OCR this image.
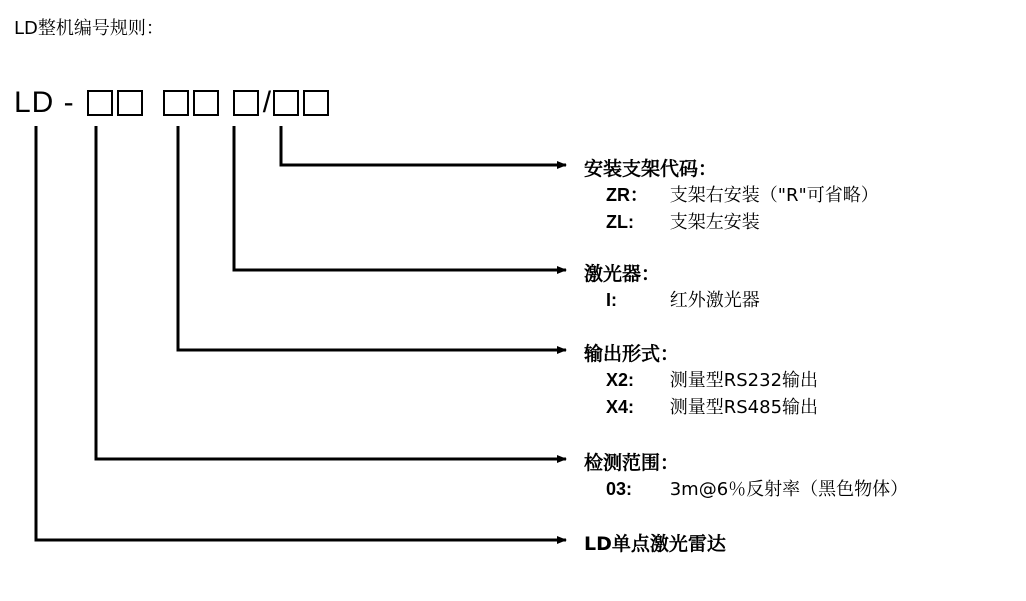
LD整机编号规则：
LD -	/
安装支架代码：
ZR： 支架右安装（"R"可省略）
ZL: 支架左安装
激光器：
I:	红外激光器
输出形式：
X2: 测量型RS232输出
X4: 测量型RS485输出
检测范围：
03: 3m@6％反射率（黑色物体）
LD单点激光雷达
